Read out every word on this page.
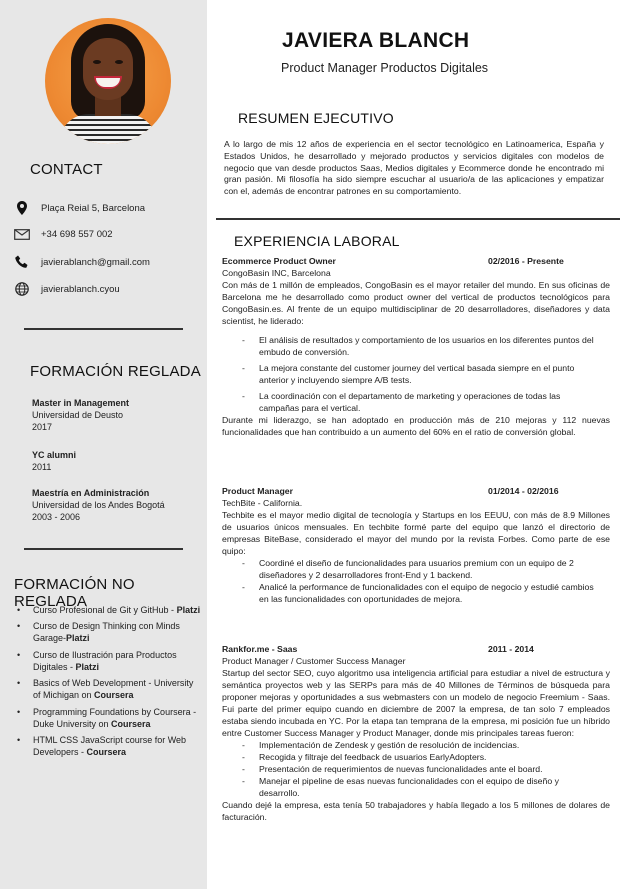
CONTACT
Plaça Reial 5, Barcelona
+34 698 557 002
javierablanch@gmail.com
javierablanch.cyou
FORMACIÓN REGLADA
Master in Management
Universidad de Deusto
2017
YC alumni
2011
Maestría en Administración
Universidad de los Andes Bogotá
2003 - 2006
FORMACIÓN NO REGLADA
• Curso Profesional de Git y GitHub - Platzi
• Curso de Design Thinking con Minds Garage-Platzi
• Curso de Ilustración para Productos Digitales - Platzi
• Basics of Web Development - University of Michigan on Coursera
• Programming Foundations by Coursera - Duke University on Coursera
• HTML CSS JavaScript course for Web Developers - Coursera
JAVIERA BLANCH
Product Manager Productos Digitales
RESUMEN EJECUTIVO
A lo largo de mis 12 años de experiencia en el sector tecnológico en Latinoamerica, España y Estados Unidos, he desarrollado y mejorado productos y servicios digitales con modelos de negocio que van desde productos Saas, Medios digitales y Ecommerce donde he encontrado mi gran pasión. Mi filosofía ha sido siempre escuchar al usuario/a de las aplicaciones y empatizar con el, además de encontrar patrones en su comportamiento.
EXPERIENCIA LABORAL
Ecommerce Product Owner	02/2016 - Presente
CongoBasin INC, Barcelona

Con más de 1 millón de empleados, CongoBasin es el mayor retailer del mundo. En sus oficinas de Barcelona me he desarrollado como product owner del vertical de productos tecnológicos para CongoBasin.es. Al frente de un equipo multidisciplinar de 20 desarrolladores, diseñadores y data scientist, he liderado:

- El análisis de resultados y comportamiento de los usuarios en los diferentes puntos del embudo de conversión.
- La mejora constante del customer journey del vertical basada siempre en el punto anterior y incluyendo siempre A/B tests.
- La coordinación con el departamento de marketing y operaciones de todas las campañas para el vertical.

Durante mi liderazgo, se han adoptado en producción más de 210 mejoras y 112 nuevas funcionalidades que han contribuido a un aumento del 60% en el ratio de conversión global.

Product Manager	01/2014 - 02/2016
TechBite - California.

Techbite es el mayor medio digital de tecnología y Startups en los EEUU, con más de 8.9 Millones de usuarios únicos mensuales. En techbite formé parte del equipo que lanzó el directorio de empresas BiteBase, considerado el mayor del mundo por la revista Forbes. Como parte de ese quipo:

- Coordiné el diseño de funcionalidades para usuarios premium con un equipo de 2 diseñadores y 2 desarrolladores front-End y 1 backend.
- Analicé la performance de funcionalidades con el equipo de negocio y estudié cambios en las funcionalidades con oportunidades de mejora.
Rankfor.me - Saas	2011 - 2014
Product Manager / Customer Success Manager

Startup del sector SEO, cuyo algoritmo usa inteligencia artificial para estudiar a nivel de estructura y semántica proyectos web y las SERPs para más de 40 Millones de Términos de búsqueda para proponer mejoras y oportunidades a sus webmasters con un modelo de negocio Freemium - Saas. Fui parte del primer equipo cuando en diciembre de 2007 la empresa, de tan solo 7 empleados estaba siendo incubada en YC. Por la etapa tan temprana de la empresa, mi posición fue un híbrido entre Customer Success Manager y Product Manager, donde mis principales tareas fueron:

- Implementación de Zendesk y gestión de resolución de incidencias.
- Recogida y filtraje del feedback de usuarios EarlyAdopters.
- Presentación de requerimientos de nuevas funcionalidades ante el board.
- Manejar el pipeline de esas nuevas funcionalidades con el equipo de diseño y desarrollo.

Cuando dejé la empresa, esta tenía 50 trabajadores y había llegado a los 5 millones de dolares de facturación.
